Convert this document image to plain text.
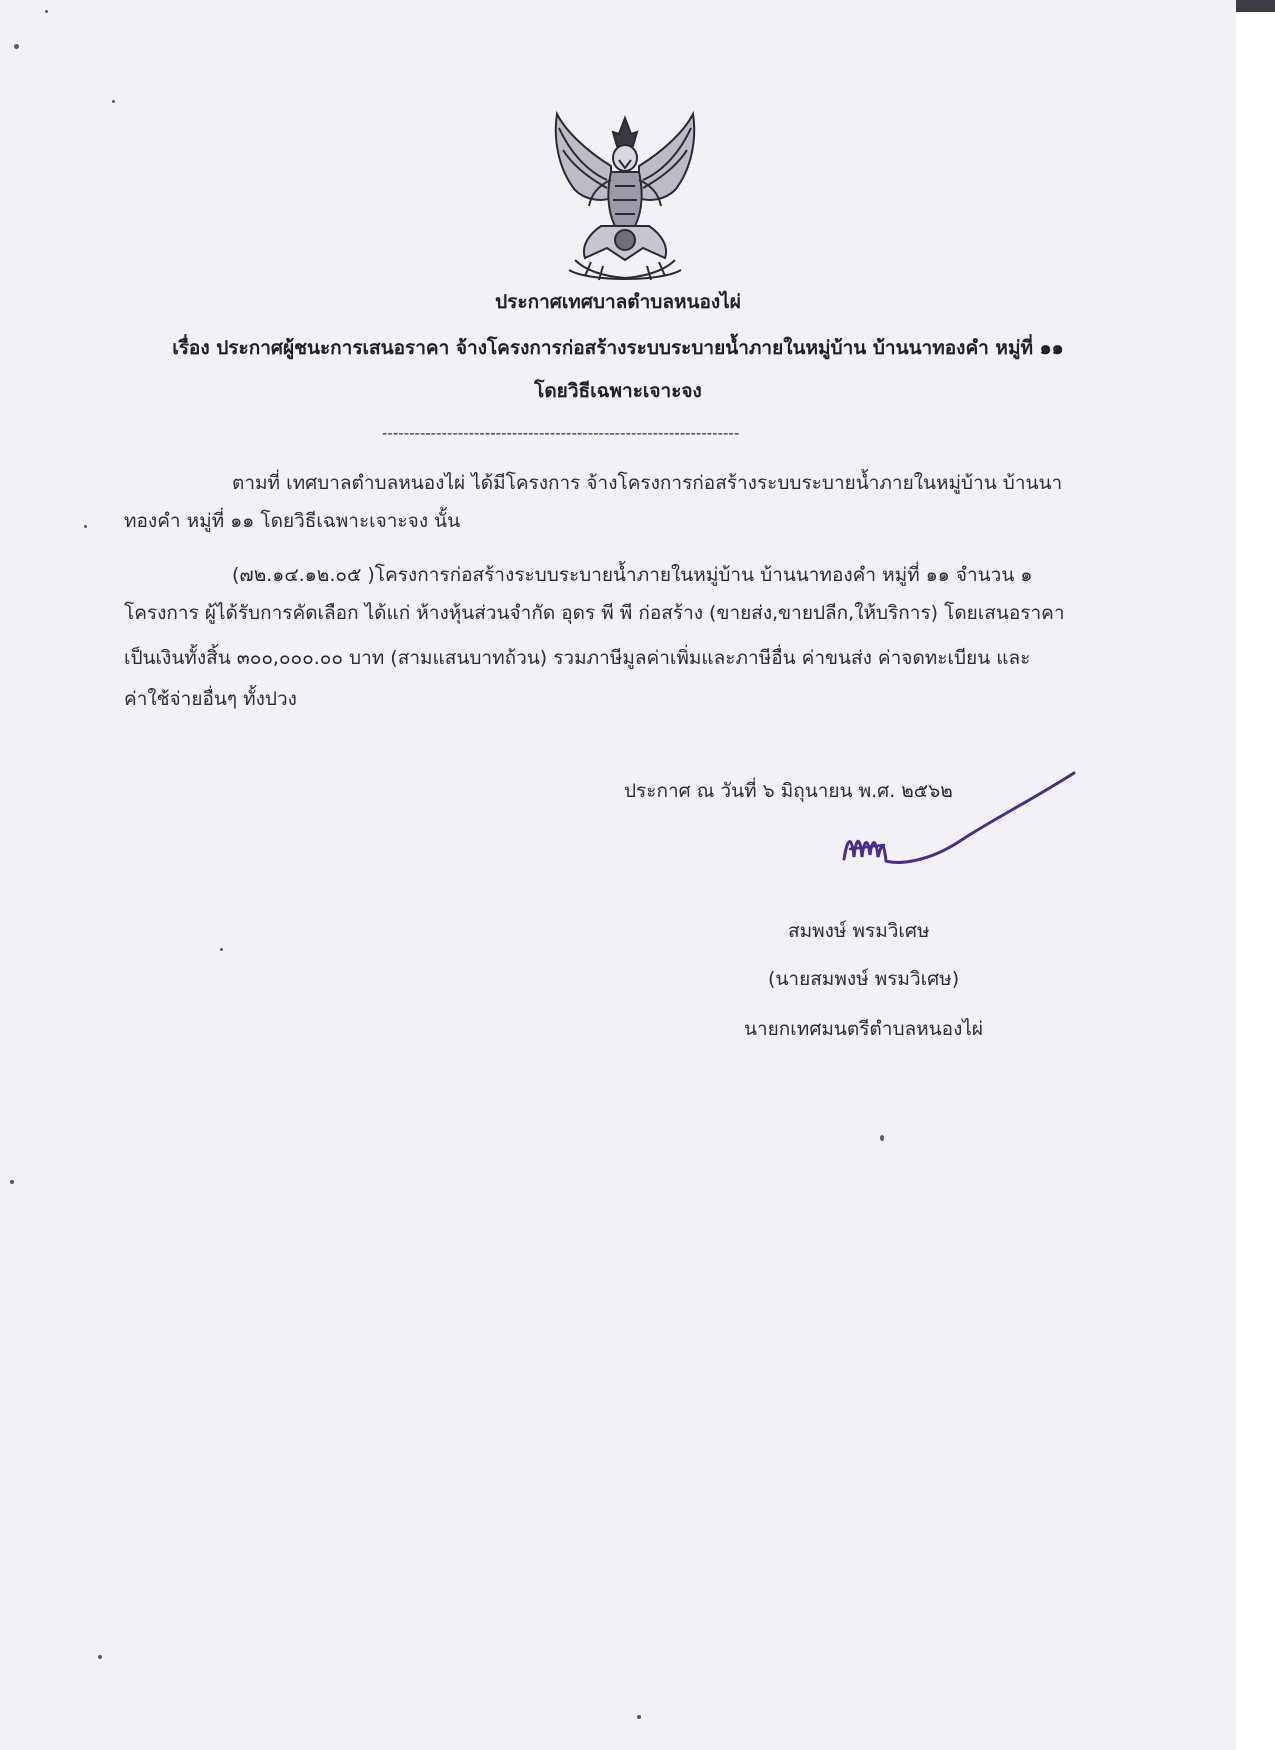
ประกาศเทศบาลตำบลหนองไผ่
เรื่อง ประกาศผู้ชนะการเสนอราคา จ้างโครงการก่อสร้างระบบระบายน้ำภายในหมู่บ้าน บ้านนาทองคำ หมู่ที่ ๑๑
โดยวิธีเฉพาะเจาะจง
------------------------------------------------------------------
ตามที่ เทศบาลตำบลหนองไผ่ ได้มีโครงการ จ้างโครงการก่อสร้างระบบระบายน้ำภายในหมู่บ้าน บ้านนา
ทองคำ หมู่ที่ ๑๑ โดยวิธีเฉพาะเจาะจง นั้น
(๗๒.๑๔.๑๒.๐๕ )โครงการก่อสร้างระบบระบายน้ำภายในหมู่บ้าน บ้านนาทองคำ หมู่ที่ ๑๑ จำนวน ๑
โครงการ ผู้ได้รับการคัดเลือก ได้แก่ ห้างหุ้นส่วนจำกัด อุดร พี พี ก่อสร้าง (ขายส่ง,ขายปลีก,ให้บริการ) โดยเสนอราคา
เป็นเงินทั้งสิ้น ๓๐๐,๐๐๐.๐๐ บาท (สามแสนบาทถ้วน) รวมภาษีมูลค่าเพิ่มและภาษีอื่น ค่าขนส่ง ค่าจดทะเบียน และ
ค่าใช้จ่ายอื่นๆ ทั้งปวง
ประกาศ ณ วันที่ ๖ มิถุนายน พ.ศ. ๒๕๖๒
สมพงษ์ พรมวิเศษ
(นายสมพงษ์ พรมวิเศษ)
นายกเทศมนตรีตำบลหนองไผ่
